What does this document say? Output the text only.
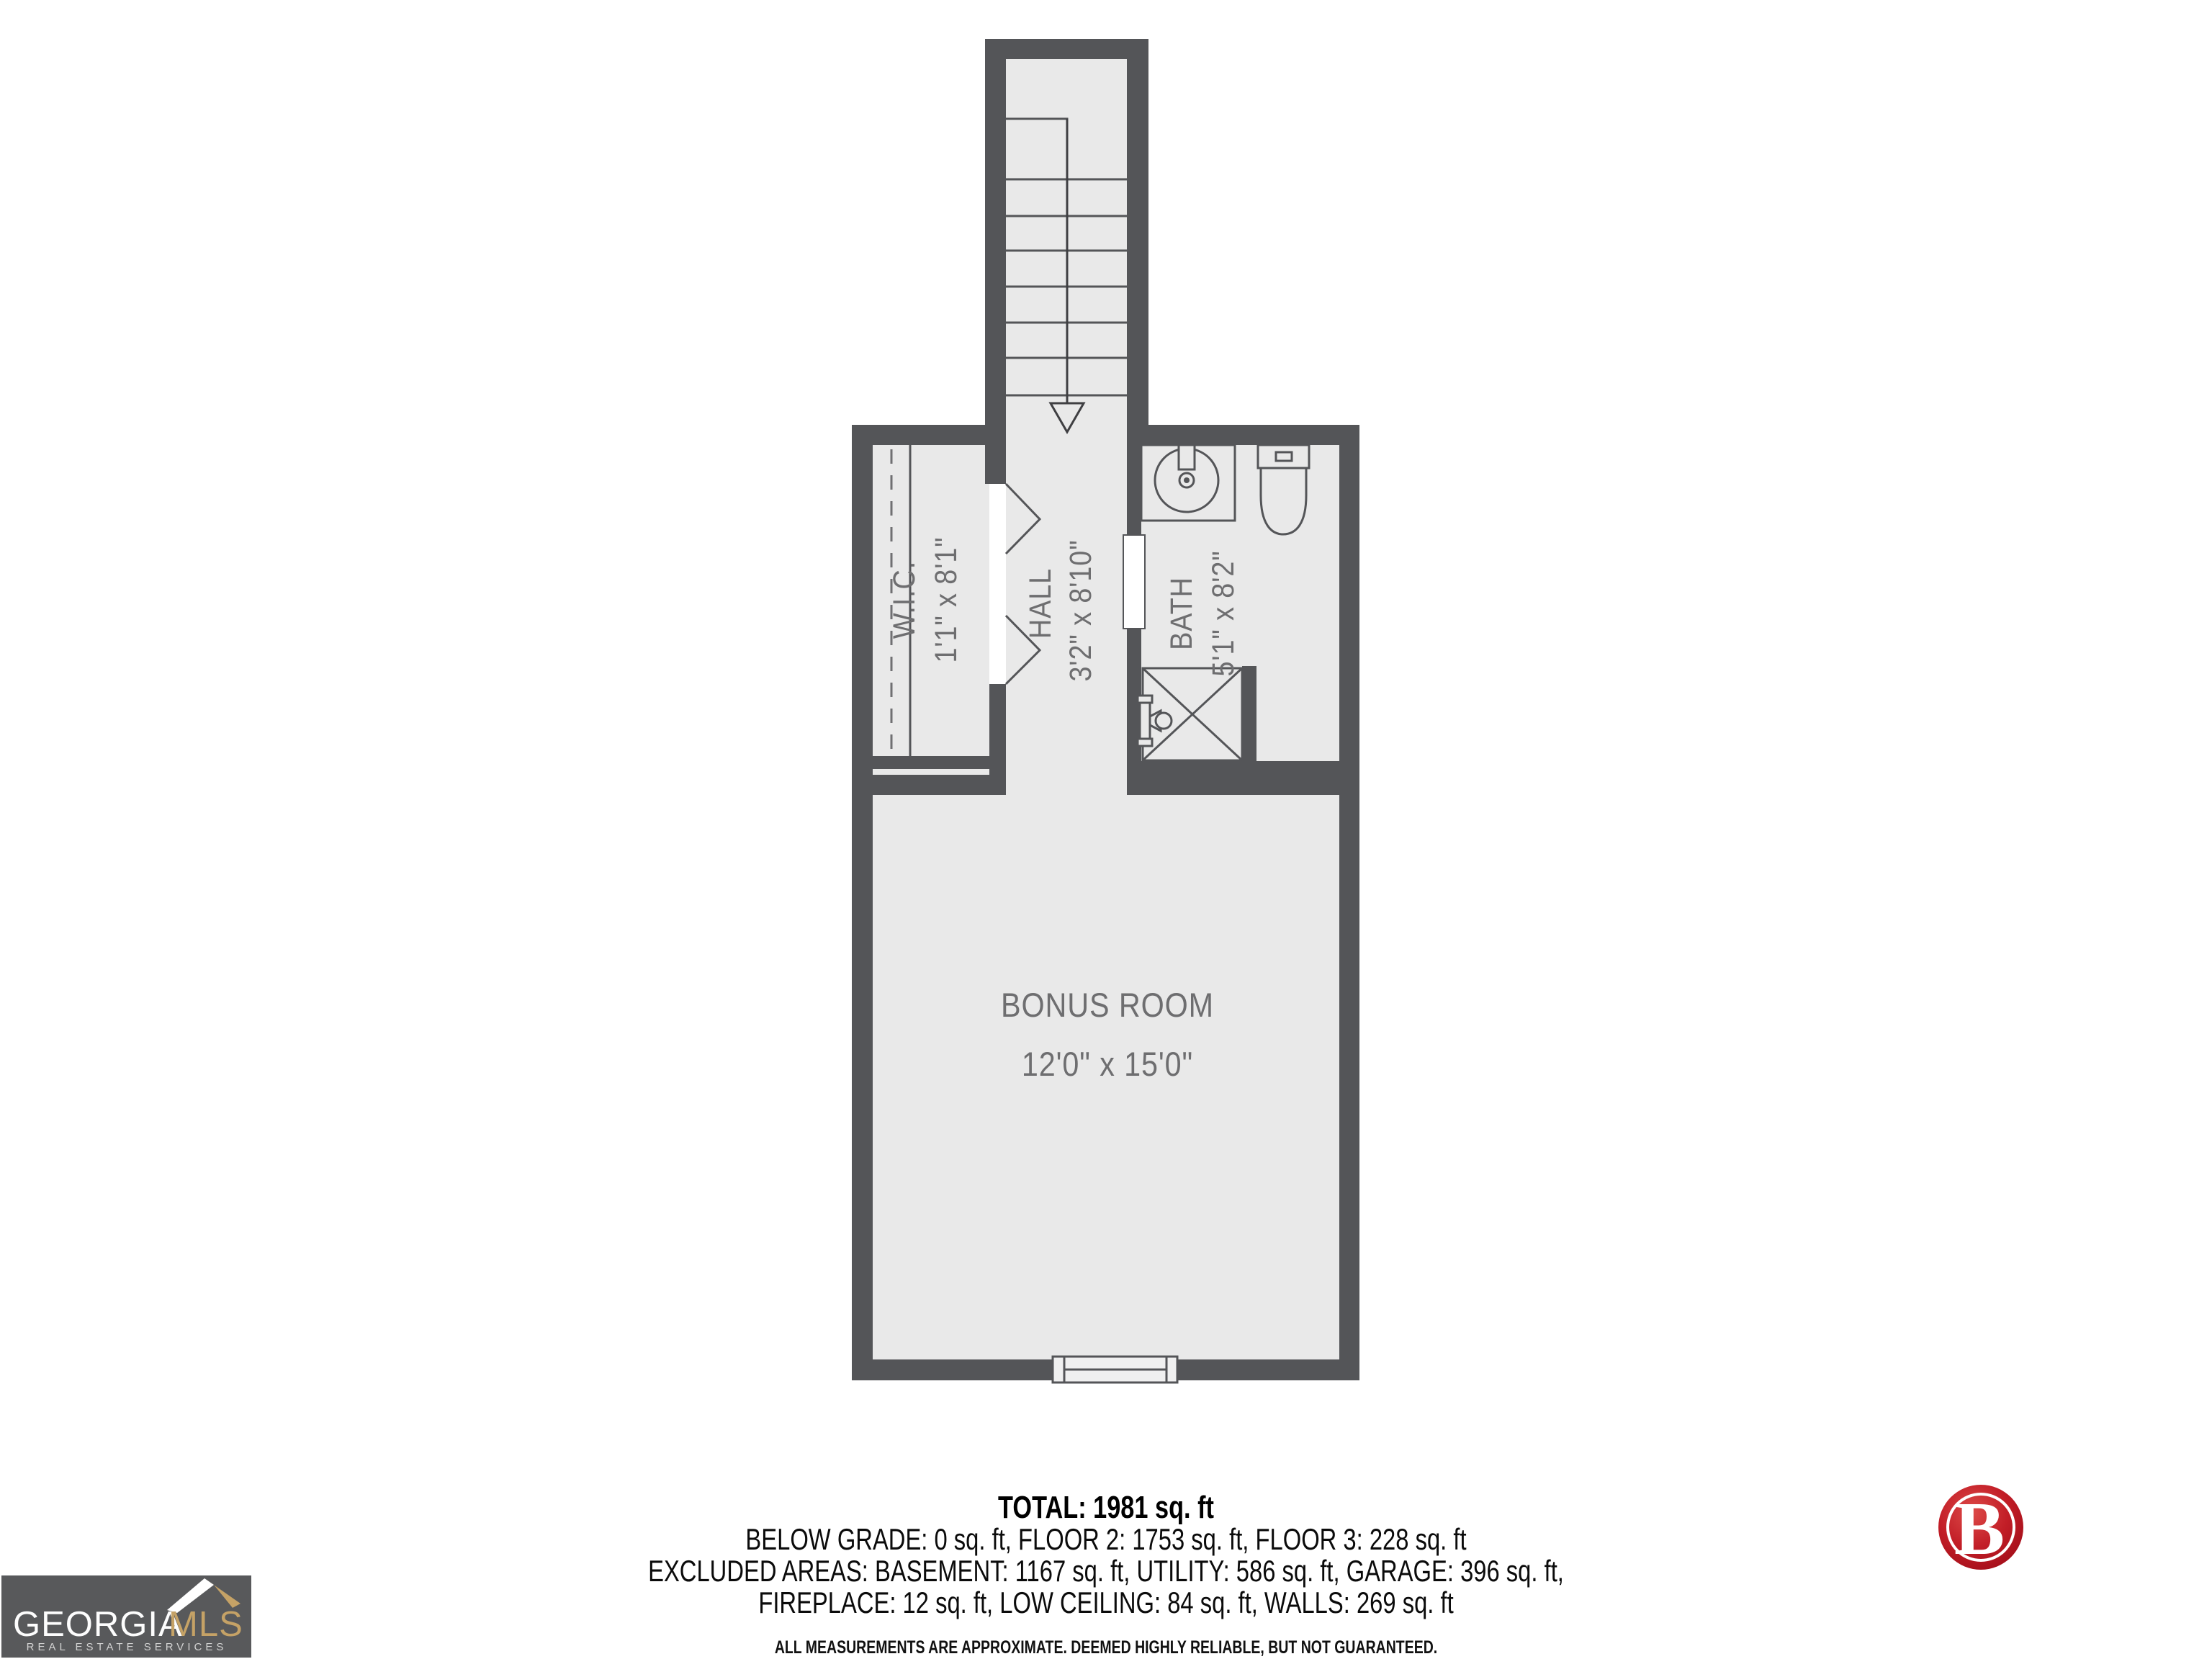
W.I.C. 1'1" x 8'1" HALL 3'2" x 8'10" BATH 5'1" x 8'2"
BONUS ROOM
12'0" x 15'0"
TOTAL: 1981 sq. ft
BELOW GRADE: 0 sq. ft, FLOOR 2: 1753 sq. ft, FLOOR 3: 228 sq. ft
EXCLUDED AREAS: BASEMENT: 1167 sq. ft, UTILITY: 586 sq. ft, GARAGE: 396 sq. ft,
FIREPLACE: 12 sq. ft, LOW CEILING: 84 sq. ft, WALLS: 269 sq. ft
ALL MEASUREMENTS ARE APPROXIMATE. DEEMED HIGHLY RELIABLE, BUT NOT GUARANTEED.
GEORGIA
MLS
REAL ESTATE SERVICES
B
